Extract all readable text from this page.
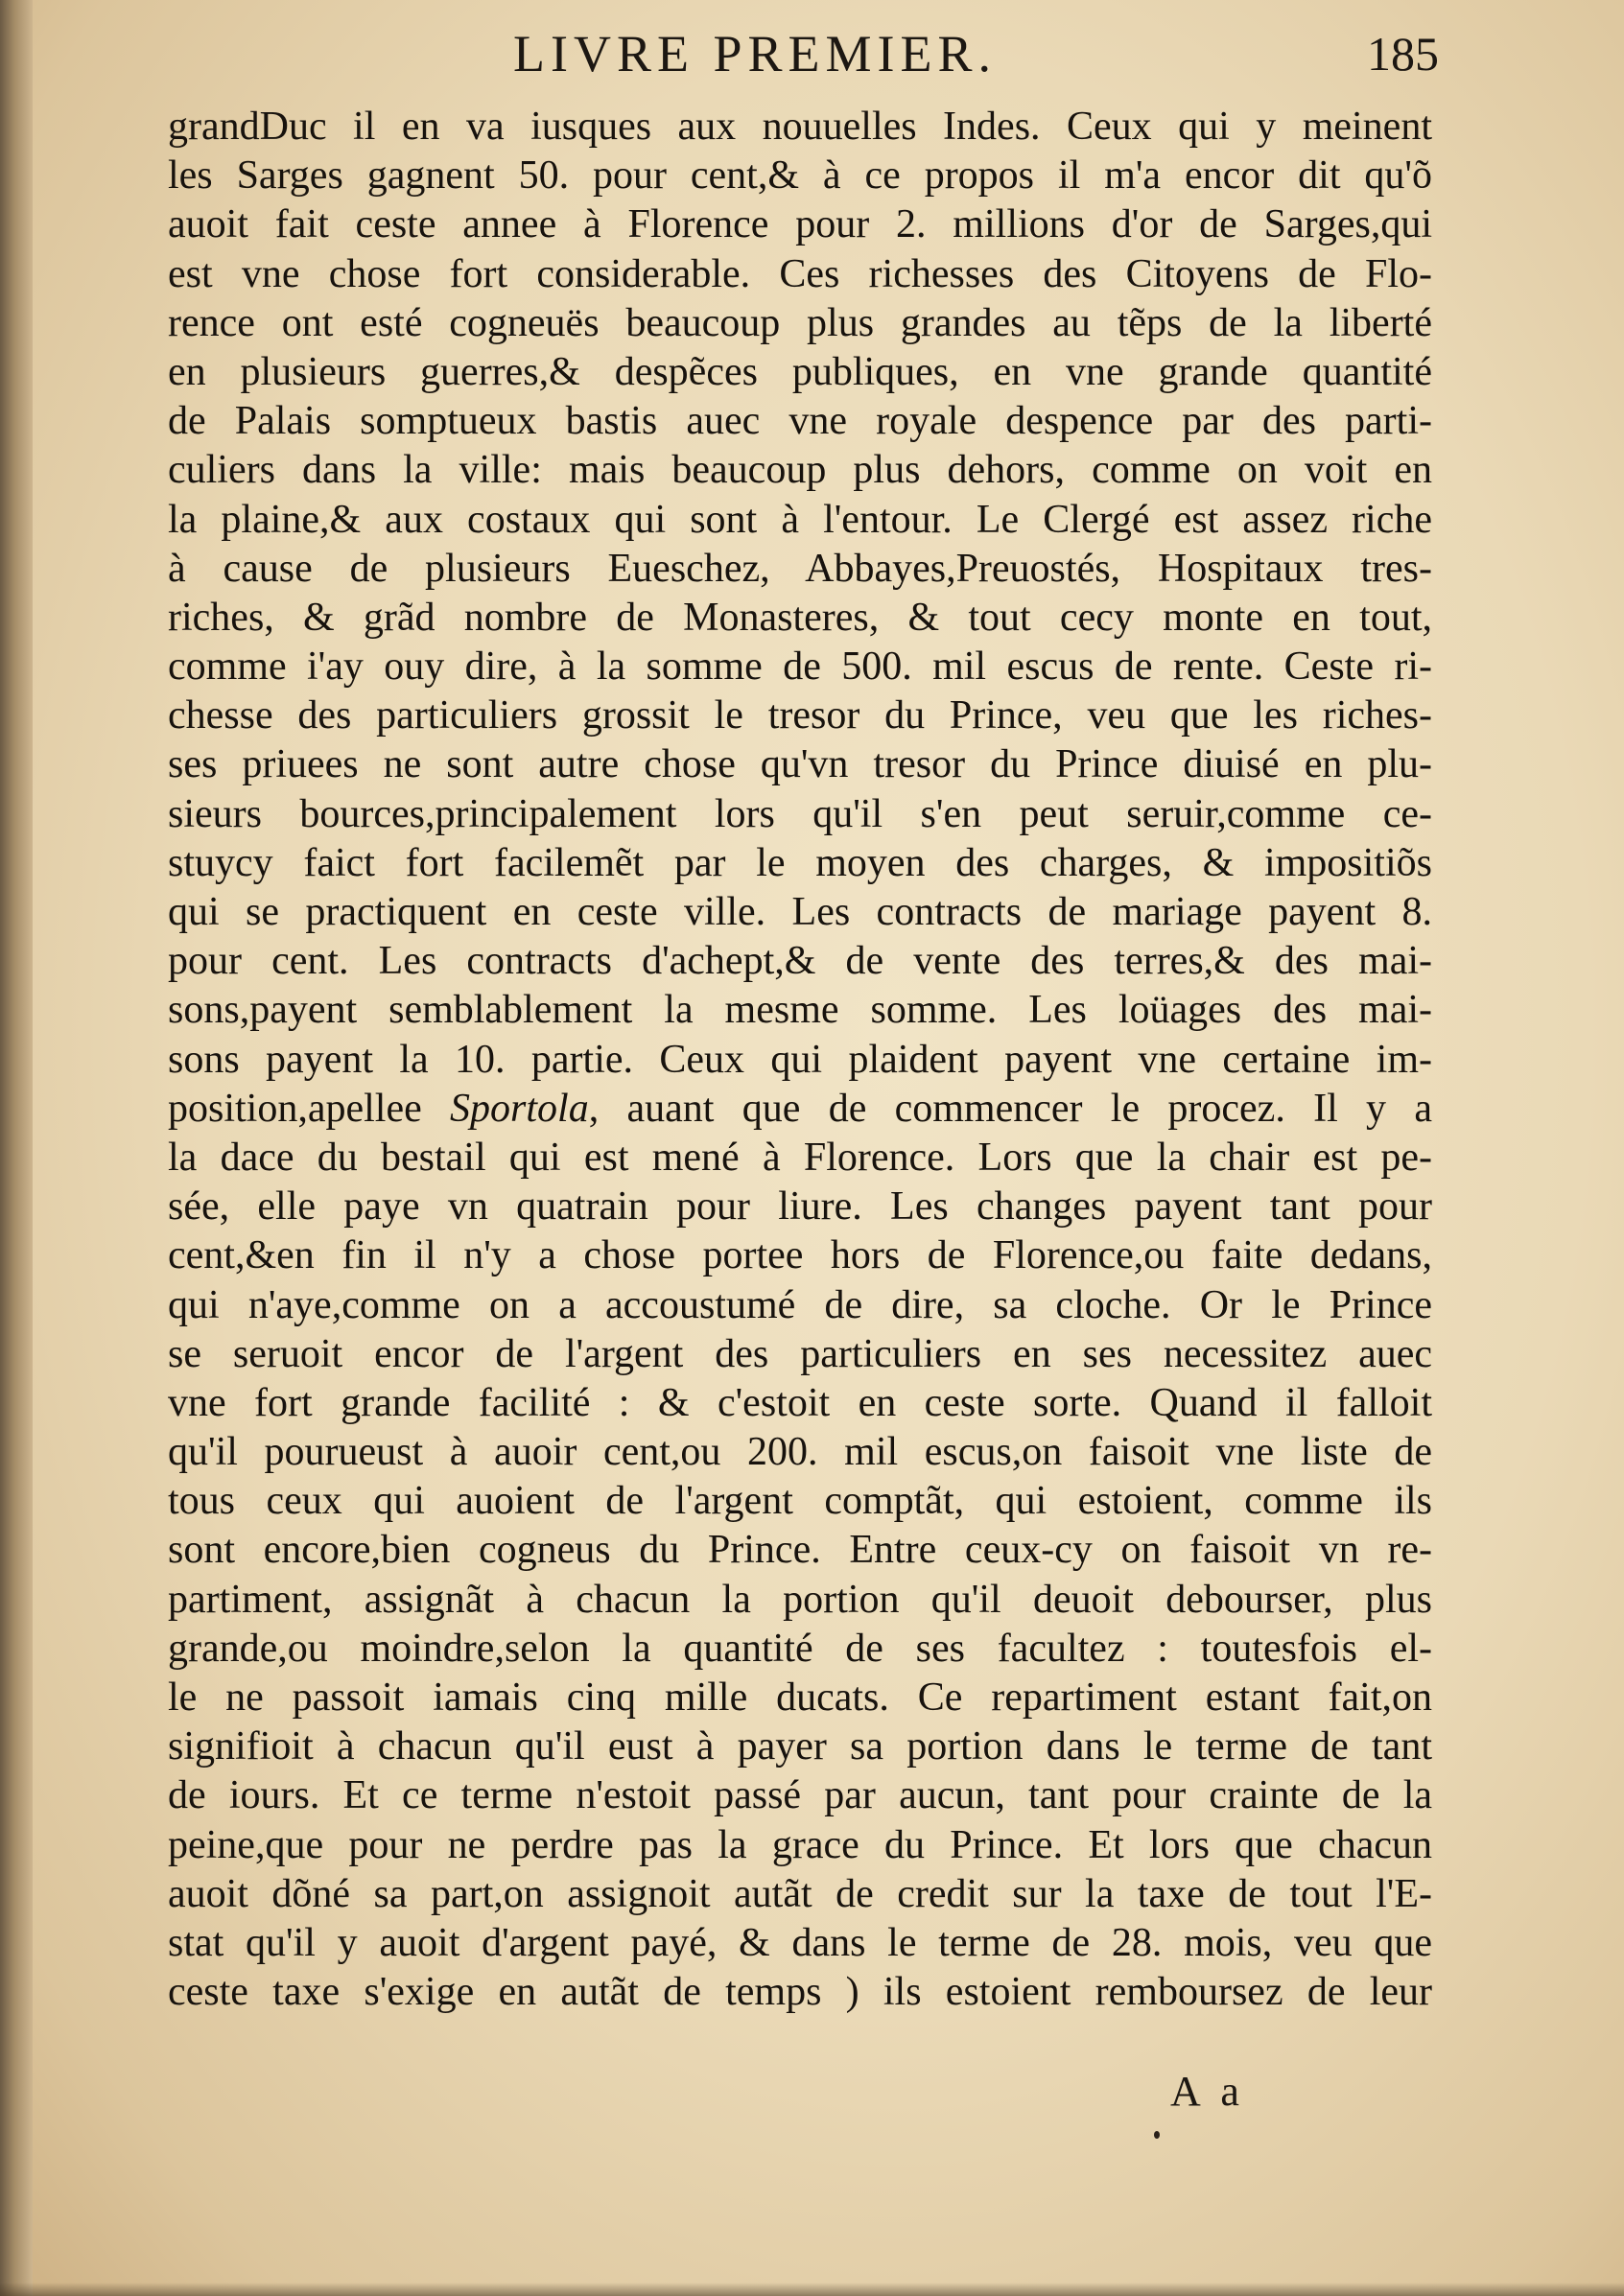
LIVRE PREMIER.	185
grandDuc il en va iusques aux nouuelles Indes. Ceux qui y meinent
les Sarges gagnent 50. pour cent,& à ce propos il m'a encor dit qu'õ
auoit fait ceste annee à Florence pour 2. millions d'or de Sarges,qui
est vne chose fort considerable. Ces richesses des Citoyens de Flo-
rence ont esté cogneuës beaucoup plus grandes au tẽps de la liberté
en plusieurs guerres,& despẽces publiques, en vne grande quantité
de Palais somptueux bastis auec vne royale despence par des parti-
culiers dans la ville: mais beaucoup plus dehors, comme on voit en
la plaine,& aux costaux qui sont à l'entour. Le Clergé est assez riche
à cause de plusieurs Eueschez, Abbayes,Preuostés, Hospitaux tres-
riches, & grãd nombre de Monasteres, & tout cecy monte en tout,
comme i'ay ouy dire, à la somme de 500. mil escus de rente. Ceste ri-
chesse des particuliers grossit le tresor du Prince, veu que les riches-
ses priuees ne sont autre chose qu'vn tresor du Prince diuisé en plu-
sieurs bources,principalement lors qu'il s'en peut seruir,comme ce-
stuycy faict fort facilemẽt par le moyen des charges, & impositiõs
qui se practiquent en ceste ville. Les contracts de mariage payent 8.
pour cent. Les contracts d'achept,& de vente des terres,& des mai-
sons,payent semblablement la mesme somme. Les loüages des mai-
sons payent la 10. partie. Ceux qui plaident payent vne certaine im-
position,apellee Sportola, auant que de commencer le procez. Il y a
la dace du bestail qui est mené à Florence. Lors que la chair est pe-
sée, elle paye vn quatrain pour liure. Les changes payent tant pour
cent,&en fin il n'y a chose portee hors de Florence,ou faite dedans,
qui n'aye,comme on a accoustumé de dire, sa cloche. Or le Prince
se seruoit encor de l'argent des particuliers en ses necessitez auec
vne fort grande facilité : & c'estoit en ceste sorte. Quand il falloit
qu'il pourueust à auoir cent,ou 200. mil escus,on faisoit vne liste de
tous ceux qui auoient de l'argent comptãt, qui estoient, comme ils
sont encore,bien cogneus du Prince. Entre ceux-cy on faisoit vn re-
partiment, assignãt à chacun la portion qu'il deuoit debourser, plus
grande,ou moindre,selon la quantité de ses facultez : toutesfois el-
le ne passoit iamais cinq mille ducats. Ce repartiment estant fait,on
signifioit à chacun qu'il eust à payer sa portion dans le terme de tant
de iours. Et ce terme n'estoit passé par aucun, tant pour crainte de la
peine,que pour ne perdre pas la grace du Prince. Et lors que chacun
auoit dõné sa part,on assignoit autãt de credit sur la taxe de tout l'E-
stat qu'il y auoit d'argent payé, & dans le terme de 28. mois, veu que
ceste taxe s'exige en autãt de temps ) ils estoient remboursez de leur
A a
